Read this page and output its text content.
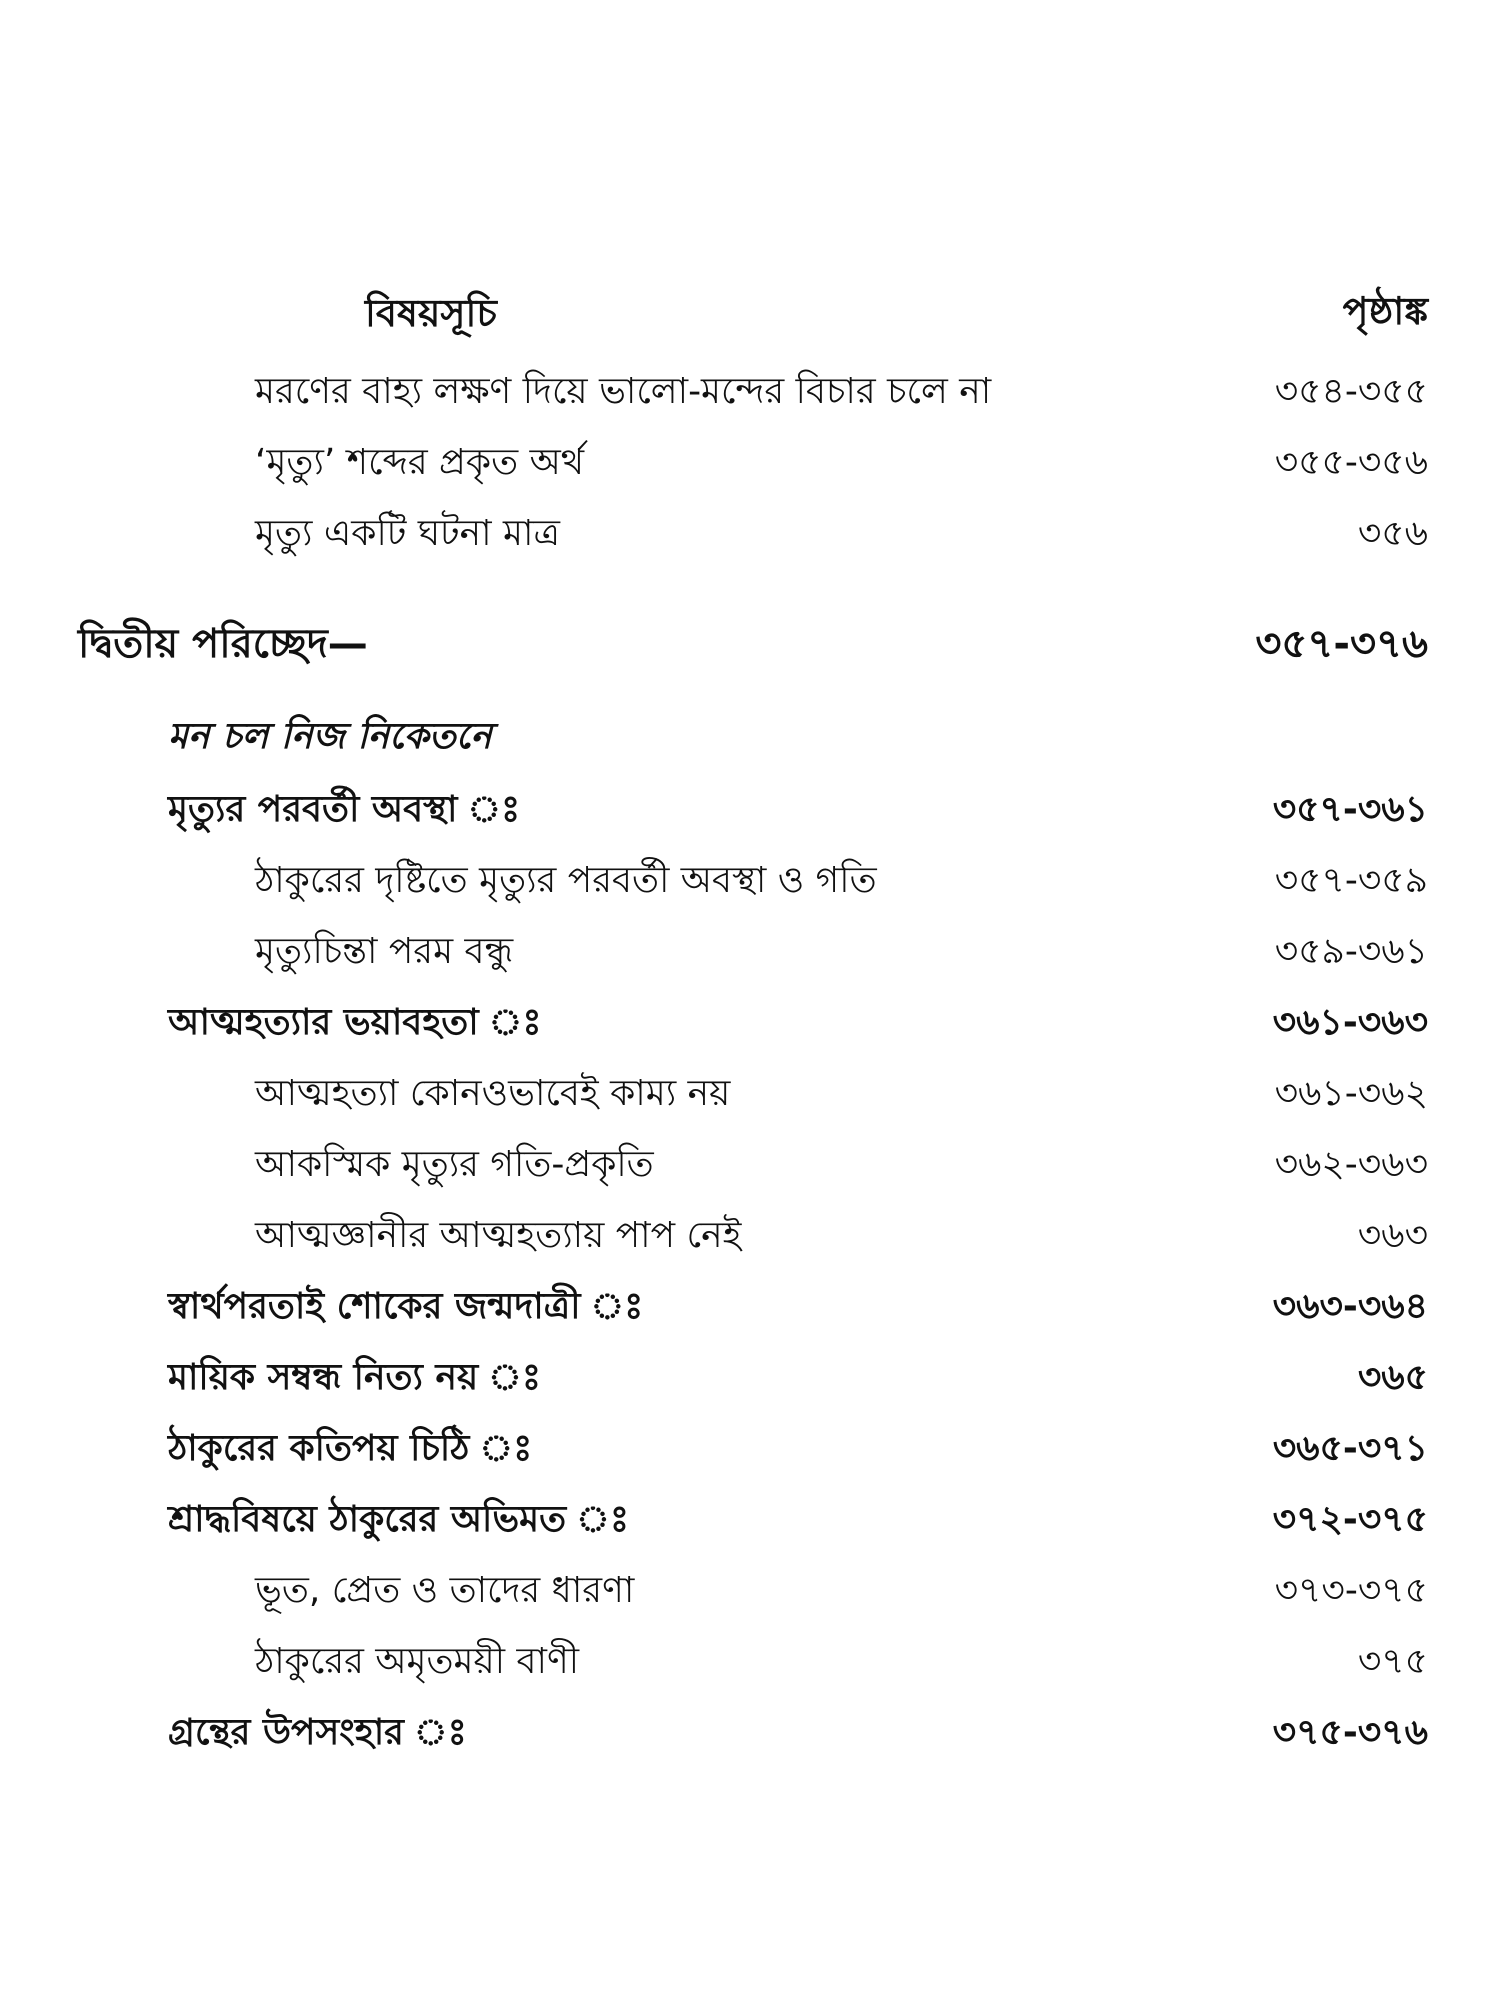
বিষয়সূচি	পৃষ্ঠাঙ্ক
মরণের বাহ্য লক্ষণ দিয়ে ভালো-মন্দের বিচার চলে না	৩৫৪-৩৫৫
‘মৃত্যু’ শব্দের প্রকৃত অর্থ	৩৫৫-৩৫৬
মৃত্যু একটি ঘটনা মাত্র	৩৫৬
দ্বিতীয় পরিচ্ছেদ—	৩৫৭-৩৭৬
মন চল নিজ নিকেতনে
মৃত্যুর পরবর্তী অবস্থা ঃ	৩৫৭-৩৬১
ঠাকুরের দৃষ্টিতে মৃত্যুর পরবর্তী অবস্থা ও গতি	৩৫৭-৩৫৯
মৃত্যুচিন্তা পরম বন্ধু	৩৫৯-৩৬১
আত্মহত্যার ভয়াবহতা ঃ	৩৬১-৩৬৩
আত্মহত্যা কোনওভাবেই কাম্য নয়	৩৬১-৩৬২
আকস্মিক মৃত্যুর গতি-প্রকৃতি	৩৬২-৩৬৩
আত্মজ্ঞানীর আত্মহত্যায় পাপ নেই	৩৬৩
স্বার্থপরতাই শোকের জন্মদাত্রী ঃ	৩৬৩-৩৬৪
মায়িক সম্বন্ধ নিত্য নয় ঃ	৩৬৫
ঠাকুরের কতিপয় চিঠি ঃ	৩৬৫-৩৭১
শ্রাদ্ধবিষয়ে ঠাকুরের অভিমত ঃ	৩৭২-৩৭৫
ভূত, প্রেত ও তাদের ধারণা	৩৭৩-৩৭৫
ঠাকুরের অমৃতময়ী বাণী	৩৭৫
গ্রন্থের উপসংহার ঃ	৩৭৫-৩৭৬
